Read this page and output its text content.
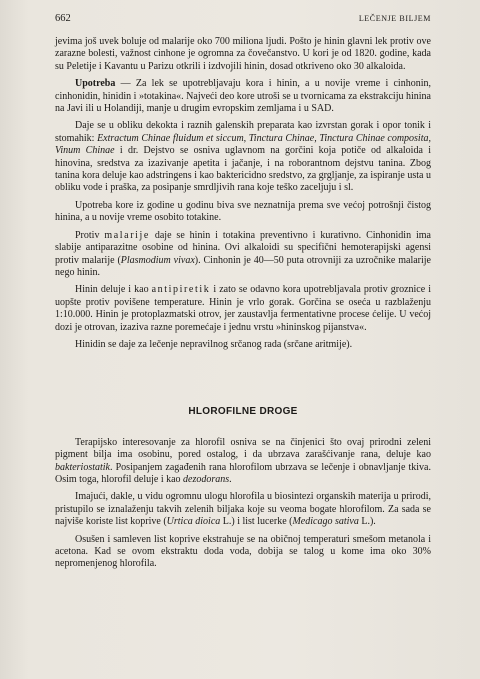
662	LEČENJE BILJEM

jevima još uvek boluje od malarije oko 700 miliona ljudi. Pošto je hinin glavni lek protiv ove zarazne bolesti, važnost cinhone je ogromna za čovečanstvo. U kori je od 1820. godine, kada su Peletije i Kavantu u Parizu otkrili i izdvojili hinin, dosad otkriveno oko 30 alkaloida.

Upotreba — Za lek se upotrebljavaju kora i hinin, a u novije vreme i cinhonin, cinhonidin, hinidin i »totakina«. Najveći deo kore utroši se u tvornicama za ekstrakciju hinina na Javi ili u Holandiji, manje u drugim evropskim zemljama i u SAD.

Daje se u obliku dekokta i raznih galenskih preparata kao izvrstan gorak i opor tonik i stomahik: Extractum Chinae fluidum et siccum, Tinctura Chinae, Tinctura Chinae composita, Vinum Chinae i dr. Dejstvo se osniva uglavnom na gorčini koja potiče od alkaloida i hinovina, sredstva za izazivanje apetita i jačanje, i na roborantnom dejstvu tanina. Zbog tanina kora deluje kao adstringens i kao baktericidno sredstvo, za grgljanje, za ispiranje usta u obliku vode i praška, za posipanje smrdljivih rana koje teško zaceljuju i sl.

Upotreba kore iz godine u godinu biva sve neznatnija prema sve većoj potrošnji čistog hinina, a u novije vreme osobito totakine.

Protiv malarije daje se hinin i totakina preventivno i kurativno. Cinhonidin ima slabije antiparazitne osobine od hinina. Ovi alkaloidi su specifični hemoterapijski agensi protiv malarije (Plasmodium vivax). Cinhonin je 40—50 puta otrovniji za uzročnike malarije nego hinin.

Hinin deluje i kao antipiretik i zato se odavno kora upotrebljavala protiv groznice i uopšte protiv povišene temperature. Hinin je vrlo gorak. Gorčina se oseća u razblaženju 1:10.000. Hinin je protoplazmatski otrov, jer zaustavlja fermentativne procese ćelije. U većoj dozi je otrovan, izaziva razne poremećaje i jednu vrstu »hininskog pijanstva«.

Hinidin se daje za lečenje nepravilnog srčanog rada (srčane aritmije).

HLOROFILNE DROGE

Terapijsko interesovanje za hlorofil osniva se na činjenici što ovaj prirodni zeleni pigment bilja ima osobinu, pored ostalog, i da ubrzava zarašćivanje rana, deluje kao bakteriostatik. Posipanjem zagađenih rana hlorofilom ubrzava se lečenje i obnavljanje tkiva. Osim toga, hlorofil deluje i kao dezodorans.

Imajući, dakle, u vidu ogromnu ulogu hlorofila u biosintezi organskih materija u prirodi, pristupilo se iznalaženju takvih zelenih biljaka koje su veoma bogate hlorofilom. Za sada se najviše koriste list koprive (Urtica dioica L.) i list lucerke (Medicago sativa L.).

Osušen i samleven list koprive ekstrahuje se na običnoj temperaturi smešom metanola i acetona. Kad se ovom ekstraktu doda voda, dobija se talog u kome ima oko 30% nepromenjenog hlorofila.
